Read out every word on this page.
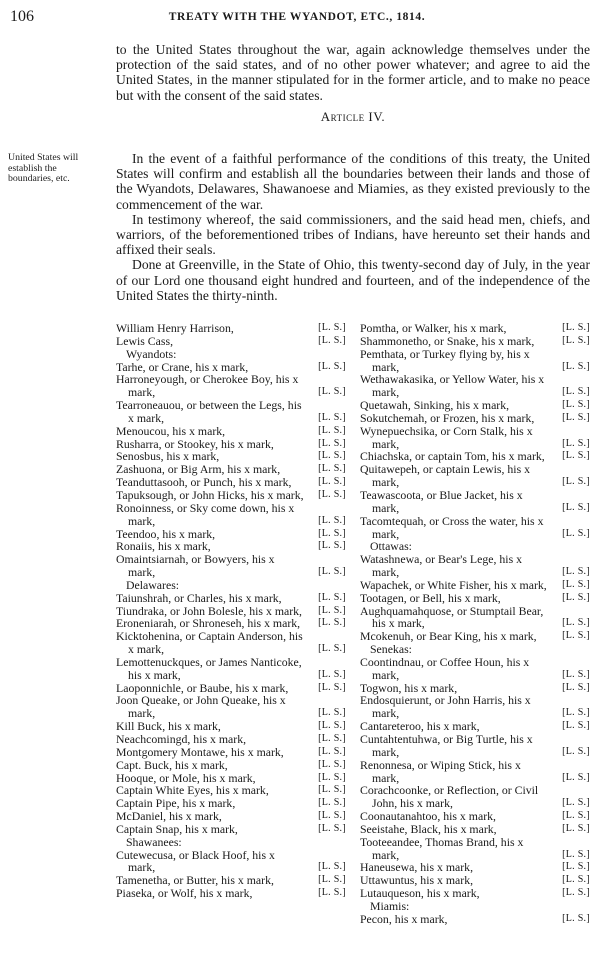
106	TREATY WITH THE WYANDOT, ETC., 1814.

to the United States throughout the war, again acknowledge themselves under the protection of the said states, and of no other power whatever; and agree to aid the United States, in the manner stipulated for in the former article, and to make no peace but with the consent of the said states.

Article IV.
United States will establish the boundaries, etc.

In the event of a faithful performance of the conditions of this treaty, the United States will confirm and establish all the boundaries between their lands and those of the Wyandots, Delawares, Shawanoese and Miamies, as they existed previously to the commencement of the war.

In testimony whereof, the said commissioners, and the said head men, chiefs, and warriors, of the beforementioned tribes of Indians, have hereunto set their hands and affixed their seals.

Done at Greenville, in the State of Ohio, this twenty-second day of July, in the year of our Lord one thousand eight hundred and fourteen, and of the independence of the United States the thirty-ninth.

William Henry Harrison,	[L. S.]
Lewis Cass,	[L. S.]
Wyandots:
Tarhe, or Crane, his x mark,	[L. S.]
Harroneyough, or Cherokee Boy, his x mark,	[L. S.]
Tearroneauou, or between the Legs, his x mark,	[L. S.]
Menoucou, his x mark,	[L. S.]
Rusharra, or Stookey, his x mark,	[L. S.]
Senosbus, his x mark,	[L. S.]
Zashuona, or Big Arm, his x mark,	[L. S.]
Teanduttasooh, or Punch, his x mark,	[L. S.]
Tapuksough, or John Hicks, his x mark,	[L. S.]
Ronoinness, or Sky come down, his x mark,	[L. S.]
Teendoo, his x mark,	[L. S.]
Ronaiis, his x mark,	[L. S.]
Omaintsiarnah, or Bowyers, his x mark,	[L. S.]
Delawares:
Taiunshrah, or Charles, his x mark,	[L. S.]
Tiundraka, or John Bolesle, his x mark,	[L. S.]
Eroneniarah, or Shroneseh, his x mark,	[L. S.]
Kicktohenina, or Captain Anderson, his x mark,	[L. S.]
Lemottenuckques, or James Nanticoke, his x mark,	[L. S.]
Laoponnichle, or Baube, his x mark,	[L. S.]
Joon Queake, or John Queake, his x mark,	[L. S.]
Kill Buck, his x mark,	[L. S.]
Neachcomingd, his x mark,	[L. S.]
Montgomery Montawe, his x mark,	[L. S.]
Capt. Buck, his x mark,	[L. S.]
Hooque, or Mole, his x mark,	[L. S.]
Captain White Eyes, his x mark,	[L. S.]
Captain Pipe, his x mark,	[L. S.]
McDaniel, his x mark,	[L. S.]
Captain Snap, his x mark,	[L. S.]
Shawanees:
Cutewecusa, or Black Hoof, his x mark,	[L. S.]
Tamenetha, or Butter, his x mark,	[L. S.]
Piaseka, or Wolf, his x mark,	[L. S.]
Pomtha, or Walker, his x mark,	[L. S.]
Shammonetho, or Snake, his x mark,	[L. S.]
Pemthata, or Turkey flying by, his x mark,	[L. S.]
Wethawakasika, or Yellow Water, his x mark,	[L. S.]
Quetawah, Sinking, his x mark,	[L. S.]
Sokutchemah, or Frozen, his x mark,	[L. S.]
Wynepuechsika, or Corn Stalk, his x mark,	[L. S.]
Chiachska, or captain Tom, his x mark,	[L. S.]
Quitawepeh, or captain Lewis, his x mark,	[L. S.]
Teawascoota, or Blue Jacket, his x mark,	[L. S.]
Tacomtequah, or Cross the water, his x mark,	[L. S.]
Ottawas:
Watashnewa, or Bear's Lege, his x mark,	[L. S.]
Wapachek, or White Fisher, his x mark,	[L. S.]
Tootagen, or Bell, his x mark,	[L. S.]
Aughquamahquose, or Stumptail Bear, his x mark,	[L. S.]
Mcokenuh, or Bear King, his x mark,	[L. S.]
Senekas:
Coontindnau, or Coffee Houn, his x mark,	[L. S.]
Togwon, his x mark,	[L. S.]
Endosquierunt, or John Harris, his x mark,	[L. S.]
Cantareteroo, his x mark,	[L. S.]
Cuntahtentuhwa, or Big Turtle, his x mark,	[L. S.]
Renonnesa, or Wiping Stick, his x mark,	[L. S.]
Corachcoonke, or Reflection, or Civil John, his x mark,	[L. S.]
Coonautanahtoo, his x mark,	[L. S.]
Seeistahe, Black, his x mark,	[L. S.]
Tooteeandee, Thomas Brand, his x mark,	[L. S.]
Haneusewa, his x mark,	[L. S.]
Uttawuntus, his x mark,	[L. S.]
Lutauqueson, his x mark,	[L. S.]
Miamis:
Pecon, his x mark,	[L. S.]
